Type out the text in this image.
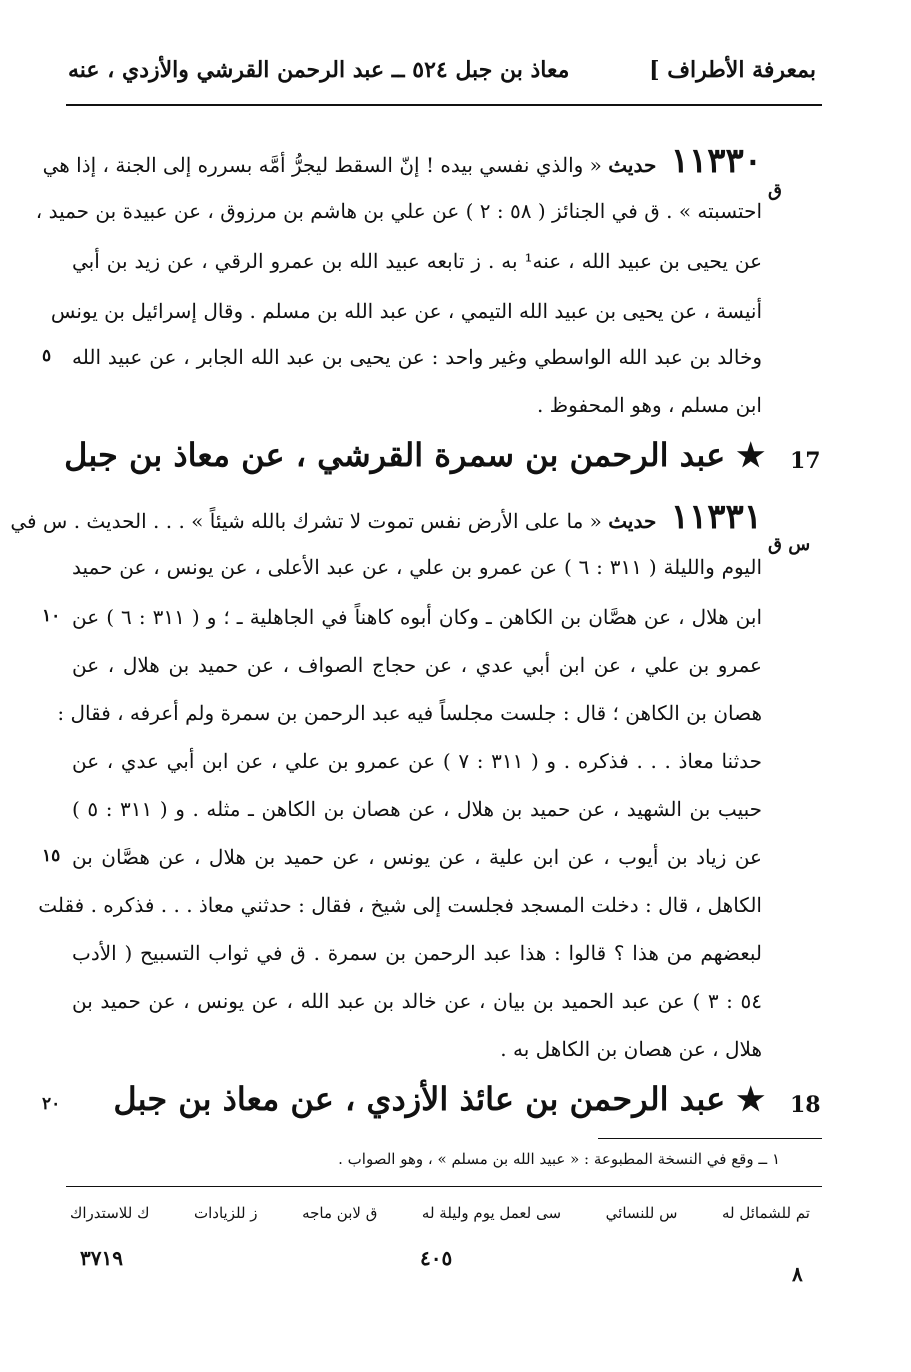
بمعرفة الأطراف ]
معاذ بن جبل ٥٢٤ ــ عبد الرحمن القرشي والأزدي ، عنه
١١٣٣٠ حديث « والذي نفسي بيده ! إنّ السقط ليجرُّ أمَّه بسرره إلى الجنة ، إذا هي
ق
احتسبته » . ق في الجنائز ( ٥٨ : ٢ ) عن علي بن هاشم بن مرزوق ، عن عبيدة بن حميد ،
عن يحيى بن عبيد الله ، عنه¹ به . ز تابعه عبيد الله بن عمرو الرقي ، عن زيد بن أبي
أنيسة ، عن يحيى بن عبيد الله التيمي ، عن عبد الله بن مسلم . وقال إسرائيل بن يونس
وخالد بن عبد الله الواسطي وغير واحد : عن يحيى بن عبد الله الجابر ، عن عبيد الله
٥
ابن مسلم ، وهو المحفوظ .
★ عبد الرحمن بن سمرة القرشي ، عن معاذ بن جبل 17
١١٣٣١ حديث « ما على الأرض نفس تموت لا تشرك بالله شيئاً » . . . الحديث . س في
س ق
اليوم والليلة ( ٣١١ : ٦ ) عن عمرو بن علي ، عن عبد الأعلى ، عن يونس ، عن حميد
ابن هلال ، عن هصَّان بن الكاهن ـ وكان أبوه كاهناً في الجاهلية ـ ؛ و ( ٣١١ : ٦ ) عن
١٠
عمرو بن علي ، عن ابن أبي عدي ، عن حجاج الصواف ، عن حميد بن هلال ، عن
هصان بن الكاهن ؛ قال : جلست مجلساً فيه عبد الرحمن بن سمرة ولم أعرفه ، فقال :
حدثنا معاذ . . . فذكره . و ( ٣١١ : ٧ ) عن عمرو بن علي ، عن ابن أبي عدي ، عن
حبيب بن الشهيد ، عن حميد بن هلال ، عن هصان بن الكاهن ـ مثله . و ( ٣١١ : ٥ )
عن زياد بن أيوب ، عن ابن علية ، عن يونس ، عن حميد بن هلال ، عن هصَّان بن
١٥
الكاهل ، قال : دخلت المسجد فجلست إلى شيخ ، فقال : حدثني معاذ . . . فذكره . فقلت
لبعضهم من هذا ؟ قالوا : هذا عبد الرحمن بن سمرة . ق في ثواب التسبيح ( الأدب
٥٤ : ٣ ) عن عبد الحميد بن بيان ، عن خالد بن عبد الله ، عن يونس ، عن حميد بن
هلال ، عن هصان بن الكاهل به .
★ عبد الرحمن بن عائذ الأزدي ، عن معاذ بن جبل 18
٢٠
١ ــ وقع في النسخة المطبوعة : « عبيد الله بن مسلم » ، وهو الصواب .
تم للشمائل له
س للنسائي
سى لعمل يوم وليلة له
ق لابن ماجه
ز للزيادات
ك للاستدراك
٣٧١٩	٤٠٥
٨
